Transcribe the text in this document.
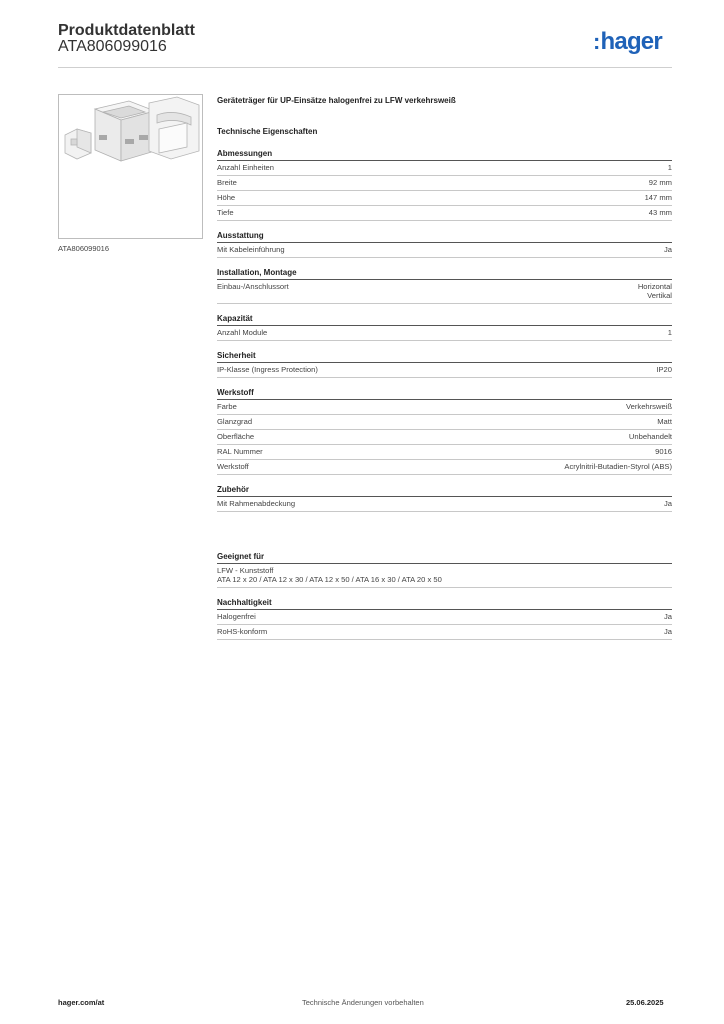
Produktdatenblatt
ATA806099016	:hager
ATA806099016
Geräteträger für UP-Einsätze halogenfrei zu LFW verkehrsweiß
Technische Eigenschaften
Abmessungen
Anzahl Einheiten	1
Breite	92 mm
Höhe	147 mm
Tiefe	43 mm
Ausstattung
Mit Kabeleinführung	Ja
Installation, Montage
Einbau-/Anschlussort	Horizontal
Vertikal
Kapazität
Anzahl Module	1
Sicherheit
IP-Klasse (Ingress Protection)	IP20
Werkstoff
Farbe	Verkehrsweiß
Glanzgrad	Matt
Oberfläche	Unbehandelt
RAL Nummer	9016
Werkstoff	Acrylnitril-Butadien-Styrol (ABS)
Zubehör
Mit Rahmenabdeckung	Ja
Geeignet für
LFW - Kunststoff
ATA 12 x 20 / ATA 12 x 30 / ATA 12 x 50 / ATA 16 x 30 / ATA 20 x 50
Nachhaltigkeit
Halogenfrei	Ja
RoHS-konform	Ja
hager.com/at	Technische Änderungen vorbehalten	25.06.2025
